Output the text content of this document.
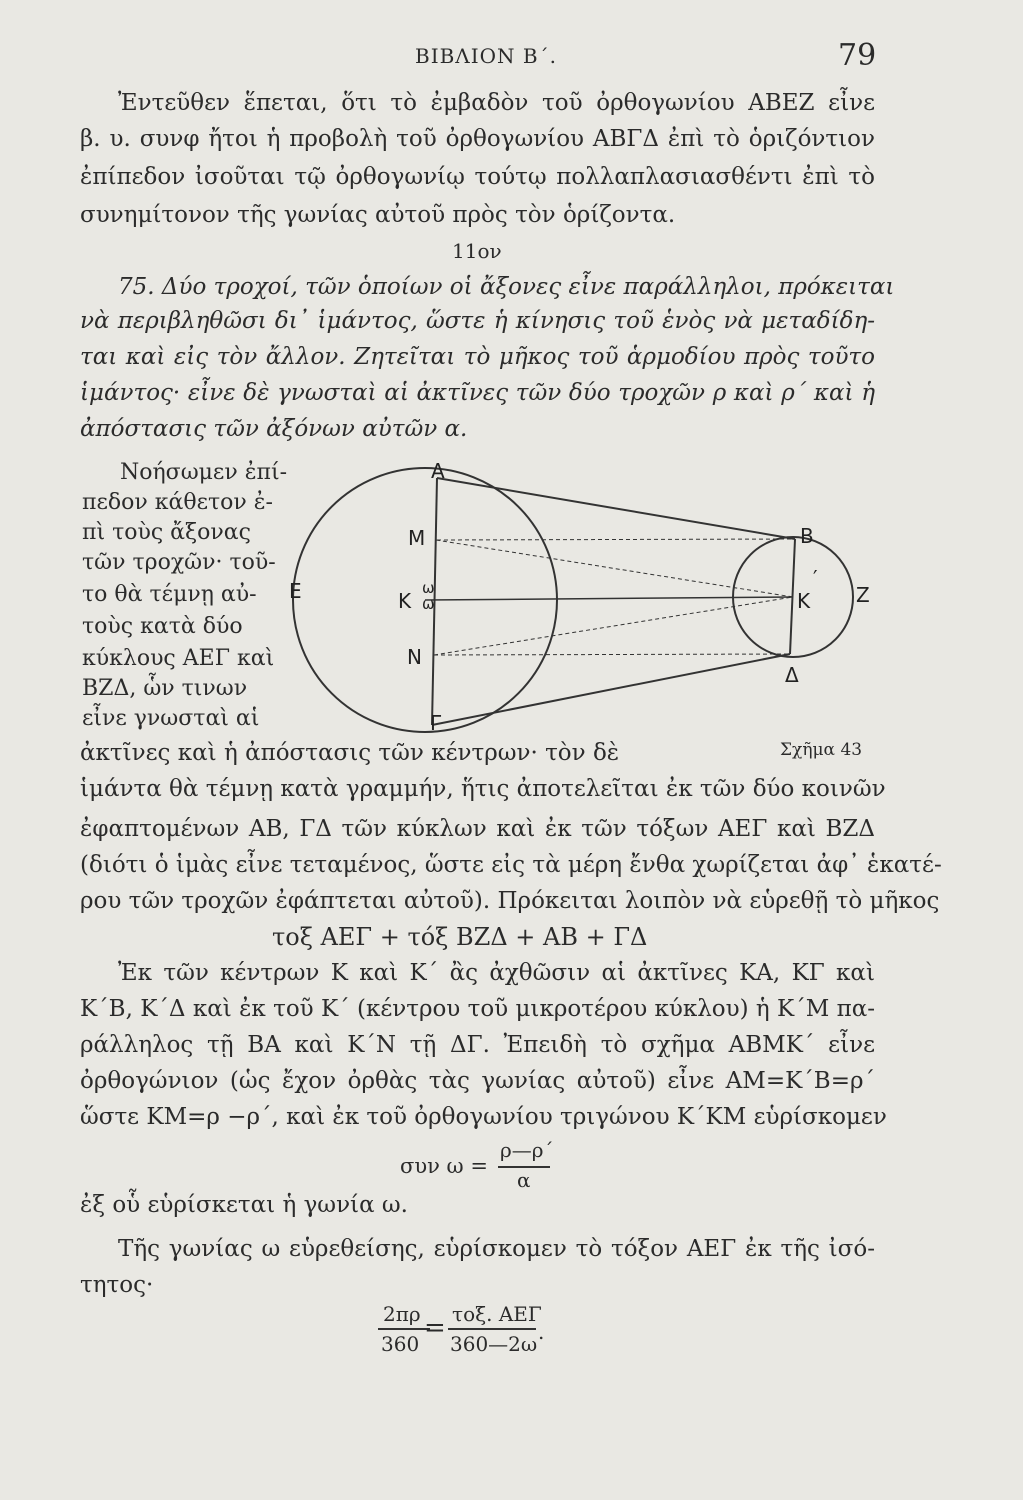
ΒΙΒΛΙΟΝ Β΄.	79
Ἐντεῦθεν ἕπεται, ὅτι τὸ ἐμβαδὸν τοῦ ὀρθογωνίου ΑΒΕΖ εἶνε
β. υ. συνφ ἤτοι ἡ προβολὴ τοῦ ὀρθογωνίου ΑΒΓΔ ἐπὶ τὸ ὁριζόντιον
ἐπίπεδον ἰσοῦται τῷ ὀρθογωνίῳ τούτῳ πολλαπλασιασθέντι ἐπὶ τὸ
συνημίτονον τῆς γωνίας αὐτοῦ πρὸς τὸν ὁρίζοντα.
11ον
75. Δύο τροχοί, τῶν ὁποίων οἱ ἄξονες εἶνε παράλληλοι, πρόκειται
νὰ περιβληθῶσι δι᾽ ἱμάντος, ὥστε ἡ κίνησις τοῦ ἑνὸς νὰ μεταδίδη-
ται καὶ εἰς τὸν ἄλλον. Ζητεῖται τὸ μῆκος τοῦ ἁρμοδίου πρὸς τοῦτο
ἱμάντος· εἶνε δὲ γνωσταὶ αἱ ἀκτῖνες τῶν δύο τροχῶν ρ καὶ ρ΄ καὶ ἡ
ἀπόστασις τῶν ἀξόνων αὐτῶν α.
Νοήσωμεν ἐπί-
πεδον κάθετον ἐ-
πὶ τοὺς ἄξονας
τῶν τροχῶν· τοῦ-
το θὰ τέμνῃ αὐ-
τοὺς κατὰ δύο
κύκλους ΑΕΓ καὶ
ΒΖΔ, ὧν τινων
εἶνε γνωσταὶ αἱ
A
M
K
N
Γ
E	ω
ω
B
K
′
Z
Δ
Σχῆμα 43
ἀκτῖνες καὶ ἡ ἀπόστασις τῶν κέντρων· τὸν δὲ
ἱμάντα θὰ τέμνῃ κατὰ γραμμήν, ἥτις ἀποτελεῖται ἐκ τῶν δύο κοινῶν
ἐφαπτομένων ΑΒ, ΓΔ τῶν κύκλων καὶ ἐκ τῶν τόξων ΑΕΓ καὶ ΒΖΔ
(διότι ὁ ἱμὰς εἶνε τεταμένος, ὥστε εἰς τὰ μέρη ἔνθα χωρίζεται ἀφ᾽ ἑκατέ-
ρου τῶν τροχῶν ἐφάπτεται αὐτοῦ). Πρόκειται λοιπὸν νὰ εὑρεθῇ τὸ μῆκος
τοξ ΑΕΓ + τόξ ΒΖΔ + ΑΒ + ΓΔ
Ἐκ τῶν κέντρων Κ καὶ Κ΄ ἂς ἀχθῶσιν αἱ ἀκτῖνες ΚΑ, ΚΓ καὶ
Κ΄Β, Κ΄Δ καὶ ἐκ τοῦ Κ΄ (κέντρου τοῦ μικροτέρου κύκλου) ἡ Κ΄Μ πα-
ράλληλος τῇ ΒΑ καὶ Κ΄Ν τῇ ΔΓ. Ἐπειδὴ τὸ σχῆμα ΑΒΜΚ΄ εἶνε
ὀρθογώνιον (ὡς ἔχον ὀρθὰς τὰς γωνίας αὐτοῦ) εἶνε ΑΜ=Κ΄Β=ρ΄
ὥστε ΚΜ=ρ −ρ΄, καὶ ἐκ τοῦ ὀρθογωνίου τριγώνου Κ΄ΚΜ εὑρίσκομεν
συν ω =
ρ—ρ΄
α
ἐξ οὗ εὑρίσκεται ἡ γωνία ω.
Τῆς γωνίας ω εὑρεθείσης, εὑρίσκομεν τὸ τόξον ΑΕΓ ἐκ τῆς ἰσό-
τητος·
2πρ
360
= τοξ. ΑΕΓ
360—2ω .
